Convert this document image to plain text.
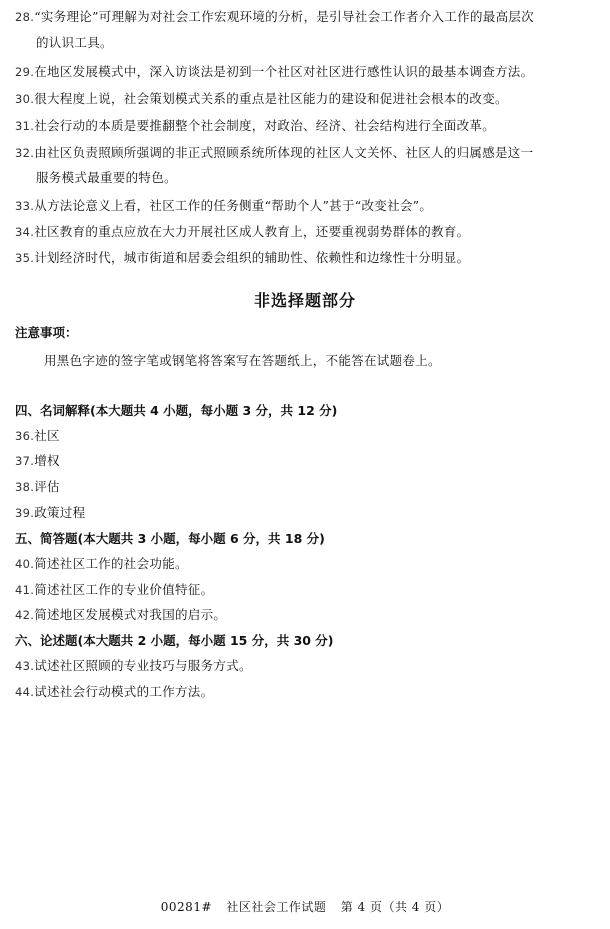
28.“实务理论”可理解为对社会工作宏观环境的分析，是引导社会工作者介入工作的最高层次
的认识工具。
29.在地区发展模式中，深入访谈法是初到一个社区对社区进行感性认识的最基本调查方法。
30.很大程度上说，社会策划模式关系的重点是社区能力的建设和促进社会根本的改变。
31.社会行动的本质是要推翻整个社会制度，对政治、经济、社会结构进行全面改革。
32.由社区负责照顾所强调的非正式照顾系统所体现的社区人文关怀、社区人的归属感是这一
服务模式最重要的特色。
33.从方法论意义上看，社区工作的任务侧重“帮助个人”甚于“改变社会”。
34.社区教育的重点应放在大力开展社区成人教育上，还要重视弱势群体的教育。
35.计划经济时代，城市街道和居委会组织的辅助性、依赖性和边缘性十分明显。
非选择题部分
注意事项：
用黑色字迹的签字笔或钢笔将答案写在答题纸上，不能答在试题卷上。
四、名词解释(本大题共 4 小题，每小题 3 分，共 12 分)
36.社区
37.增权
38.评估
39.政策过程
五、简答题(本大题共 3 小题，每小题 6 分，共 18 分)
40.简述社区工作的社会功能。
41.简述社区工作的专业价值特征。
42.简述地区发展模式对我国的启示。
六、论述题(本大题共 2 小题，每小题 15 分，共 30 分)
43.试述社区照顾的专业技巧与服务方式。
44.试述社会行动模式的工作方法。
00281# 社区社会工作试题 第 4 页（共 4 页）
